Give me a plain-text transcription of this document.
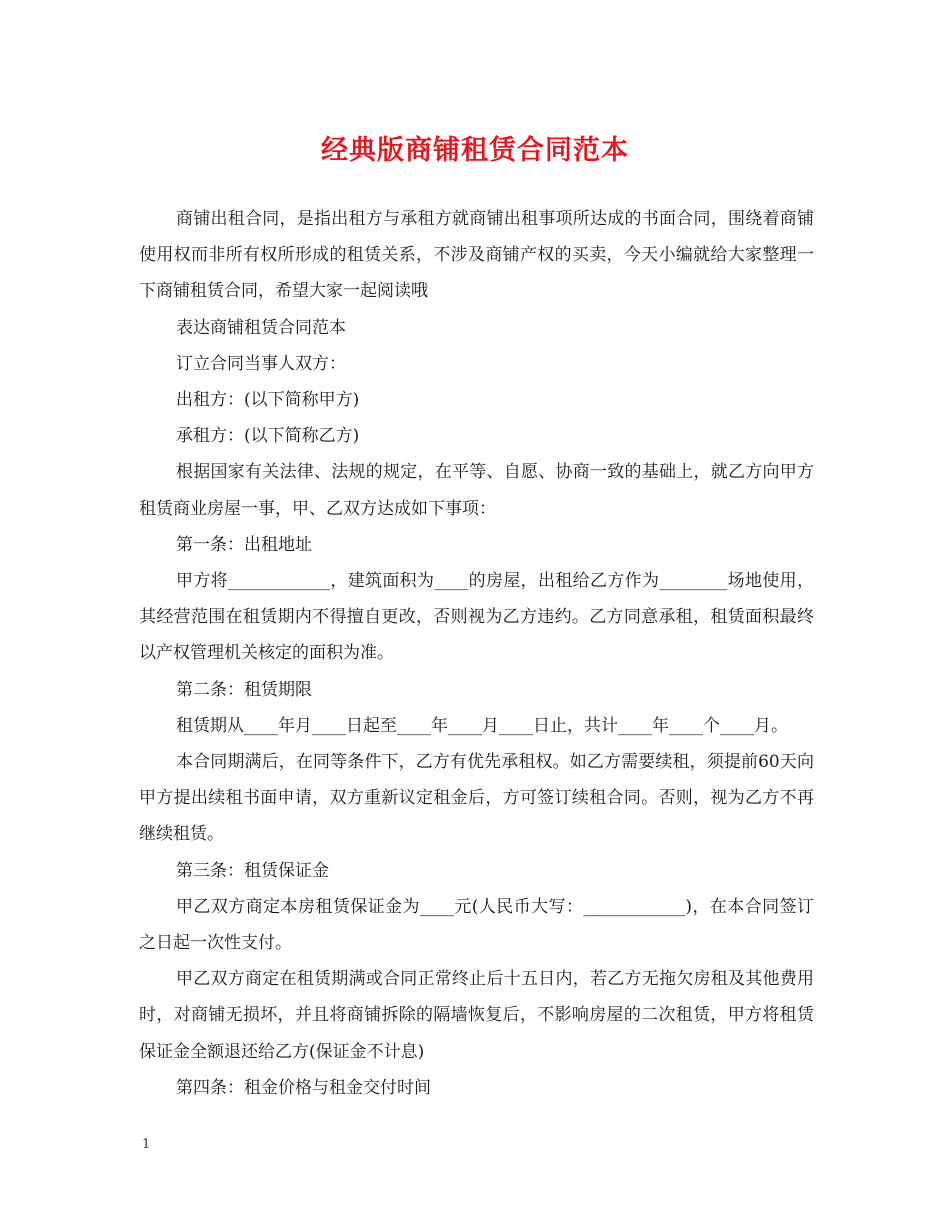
经典版商铺租赁合同范本

商铺出租合同，是指出租方与承租方就商铺出租事项所达成的书面合同，围绕着商铺使用权而非所有权所形成的租赁关系，不涉及商铺产权的买卖，今天小编就给大家整理一下商铺租赁合同，希望大家一起阅读哦

表达商铺租赁合同范本

订立合同当事人双方：

出租方：(以下简称甲方)

承租方：(以下简称乙方)

根据国家有关法律、法规的规定，在平等、自愿、协商一致的基础上，就乙方向甲方租赁商业房屋一事，甲、乙双方达成如下事项：

第一条：出租地址

甲方将____________，建筑面积为____的房屋，出租给乙方作为________场地使用，其经营范围在租赁期内不得擅自更改，否则视为乙方违约。乙方同意承租，租赁面积最终以产权管理机关核定的面积为准。

第二条：租赁期限

租赁期从____年月____日起至____年____月____日止，共计____年____个____月。

本合同期满后，在同等条件下，乙方有优先承租权。如乙方需要续租，须提前60天向甲方提出续租书面申请，双方重新议定租金后，方可签订续租合同。否则，视为乙方不再继续租赁。

第三条：租赁保证金

甲乙双方商定本房租赁保证金为____元(人民币大写：____________)，在本合同签订之日起一次性支付。

甲乙双方商定在租赁期满或合同正常终止后十五日内，若乙方无拖欠房租及其他费用时，对商铺无损坏，并且将商铺拆除的隔墙恢复后，不影响房屋的二次租赁，甲方将租赁保证金全额退还给乙方(保证金不计息)

第四条：租金价格与租金交付时间

1
